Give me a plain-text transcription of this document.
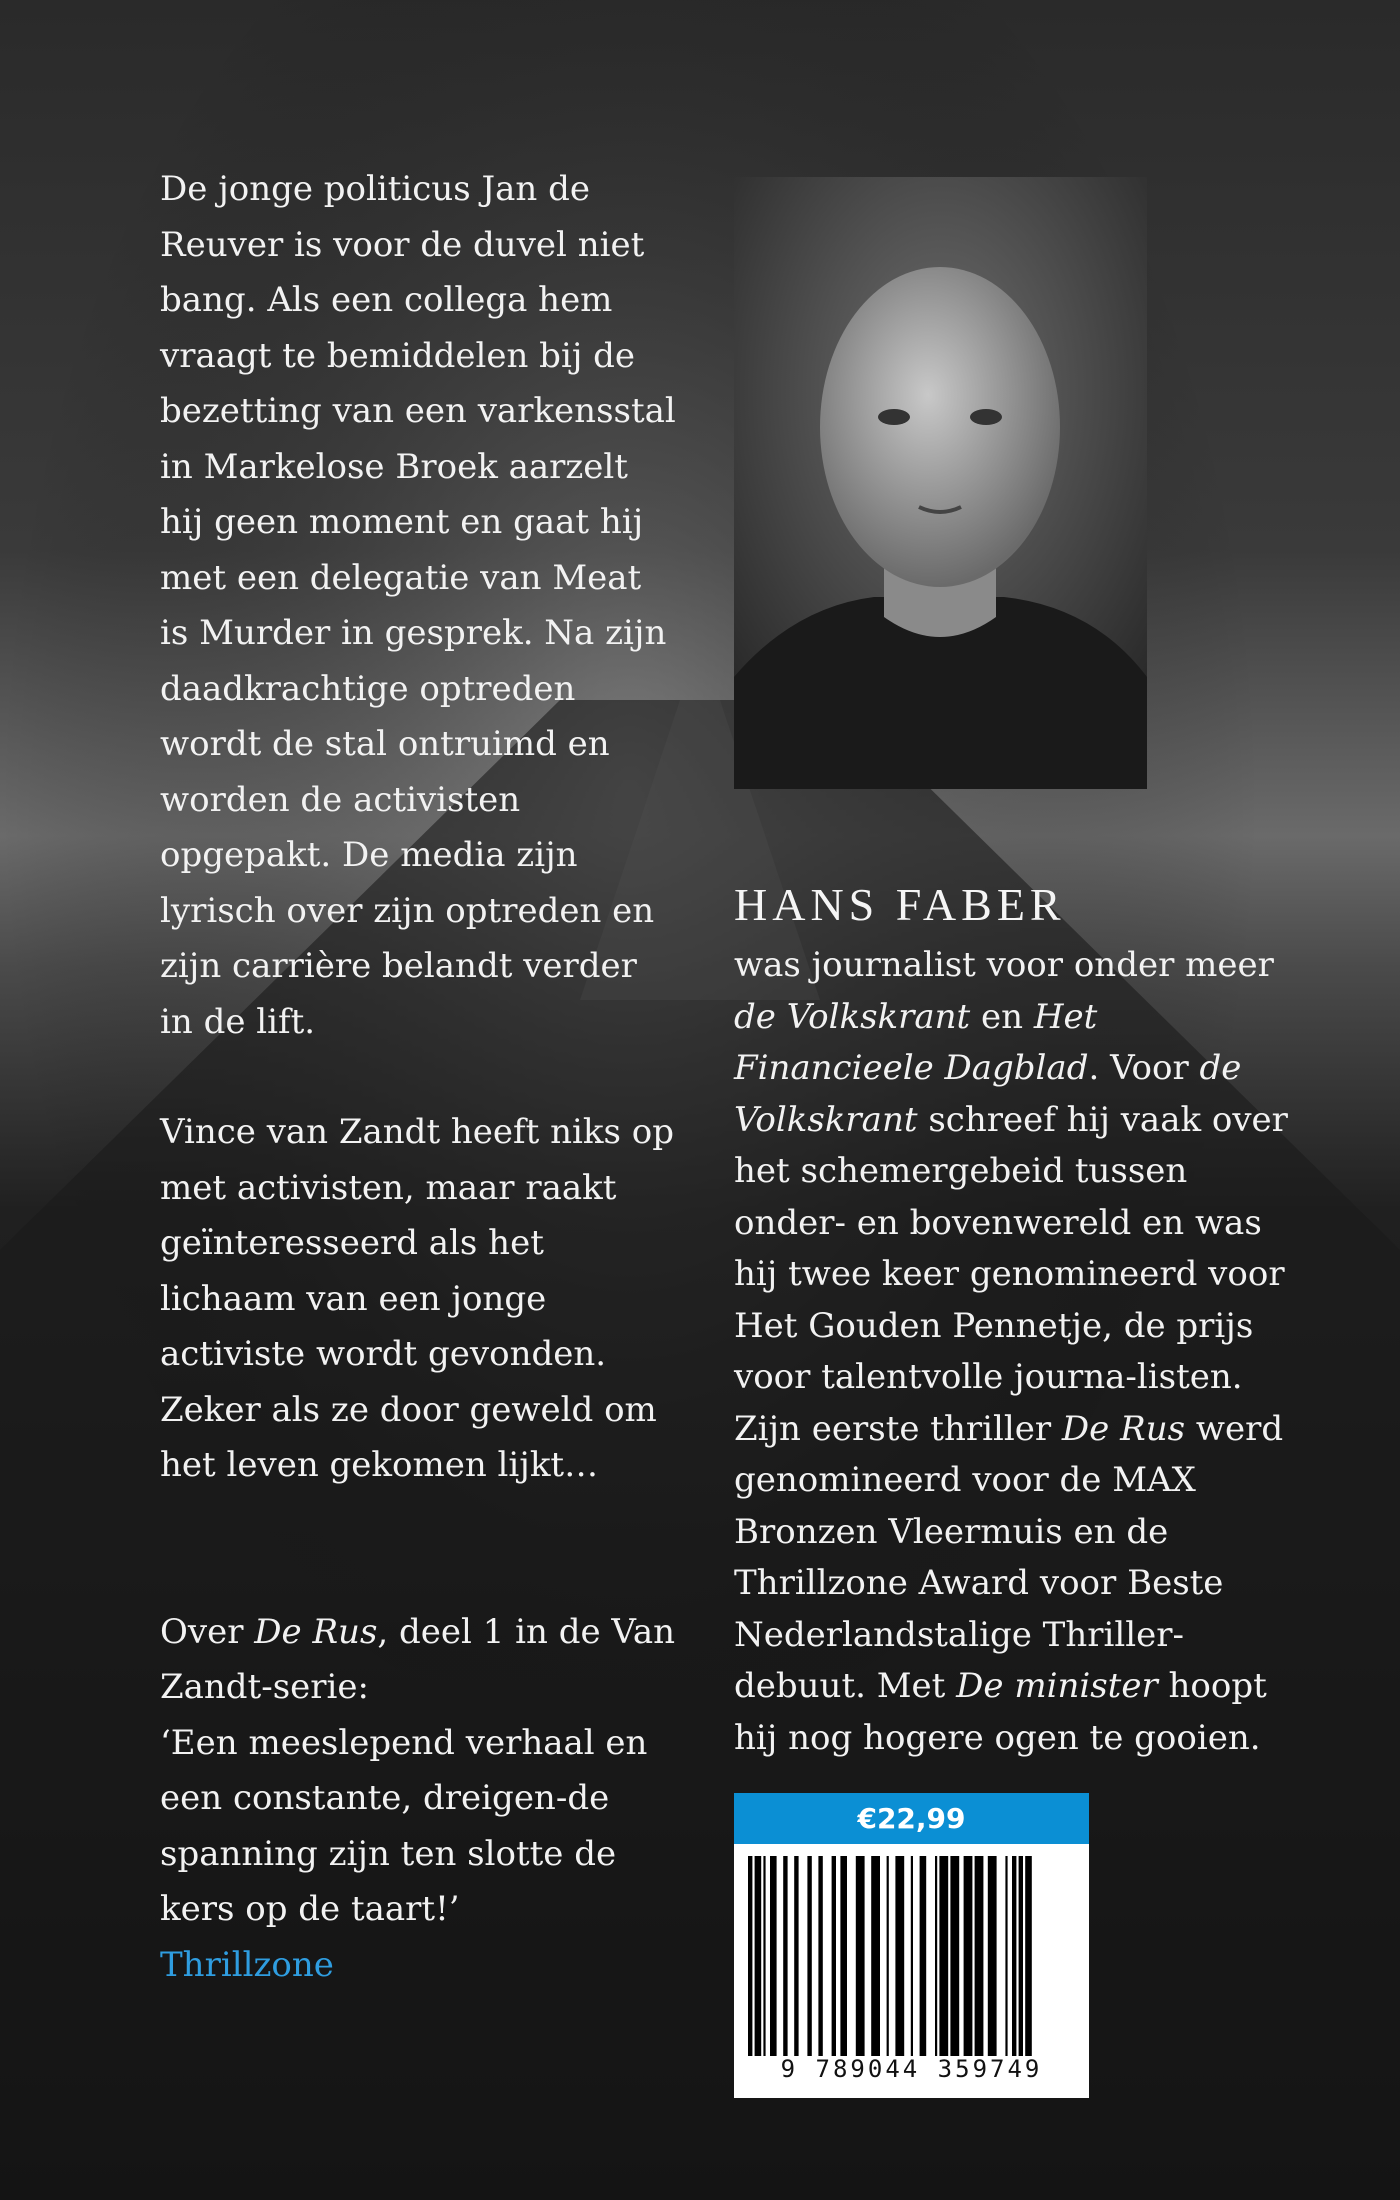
De jonge politicus Jan de Reuver is voor de duvel niet bang. Als een collega hem vraagt te bemiddelen bij de bezetting van een varkensstal in Markelose Broek aarzelt hij geen moment en gaat hij met een delegatie van Meat is Murder in gesprek. Na zijn daadkrachtige optreden wordt de stal ontruimd en worden de activisten opgepakt. De media zijn lyrisch over zijn optreden en zijn carrière belandt verder in de lift.

Vince van Zandt heeft niks op met activisten, maar raakt geïnteresseerd als het lichaam van een jonge activiste wordt gevonden. Zeker als ze door geweld om het leven gekomen lijkt…

Over De Rus, deel 1 in de Van Zandt-serie:
‘Een meeslepend verhaal en een constante, dreigen-de spanning zijn ten slotte de kers op de taart!’
Thrillzone

HANS FABER
was journalist voor onder meer de Volkskrant en Het Financieele Dagblad. Voor de Volkskrant schreef hij vaak over het schemergebeid tussen onder- en bovenwereld en was hij twee keer genomineerd voor Het Gouden Pennetje, de prijs voor talentvolle journa-listen. Zijn eerste thriller De Rus werd genomineerd voor de MAX Bronzen Vleermuis en de Thrillzone Award voor Beste Nederlandstalige Thriller-debuut. Met De minister hoopt hij nog hogere ogen te gooien.
€22,99
9 789044 359749
